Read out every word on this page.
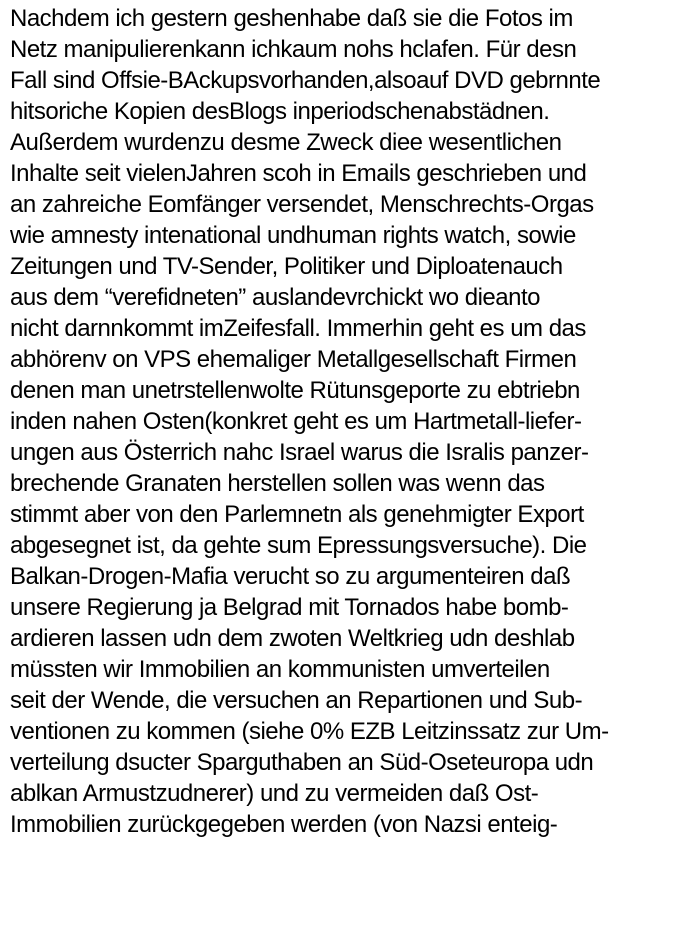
Nachdem ich gestern geshenhabe daß sie die Fotos im
Netz manipulierenkann ichkaum nohs hclafen. Für desn
Fall sind Offsie-BAckupsvorhanden,alsoauf DVD gebrnnte
hitsoriche Kopien desBlogs inperiodschenabstädnen.
Außerdem wurdenzu desme Zweck diee wesentlichen
Inhalte seit vielenJahren scoh in Emails geschrieben und
an zahreiche Eomfänger versendet, Menschrechts-Orgas
wie amnesty intenational undhuman rights watch, sowie
Zeitungen und TV-Sender, Politiker und Diploatenauch
aus dem “verefidneten” auslandevrchickt wo dieanto
nicht darnnkommt imZeifesfall. Immerhin geht es um das
abhörenv on VPS ehemaliger Metallgesellschaft Firmen
denen man unetrstellenwolte Rütunsgeporte zu ebtriebn
inden nahen Osten(konkret geht es um Hartmetall-liefer-
ungen aus Österrich nahc Israel warus die Isralis panzer-
brechende Granaten herstellen sollen was wenn das
stimmt aber von den Parlemnetn als genehmigter Export
abgesegnet ist, da gehte sum Epressungsversuche). Die
Balkan-Drogen-Mafia verucht so zu argumenteiren daß
unsere Regierung ja Belgrad mit Tornados habe bomb-
ardieren lassen udn dem zwoten Weltkrieg udn deshlab
müssten wir Immobilien an kommunisten umverteilen
seit der Wende, die versuchen an Repartionen und Sub-
ventionen zu kommen (siehe 0% EZB Leitzinssatz zur Um-
verteilung dsucter Sparguthaben an Süd-Oseteuropa udn
ablkan Armustzudnerer) und zu vermeiden daß Ost-
Immobilien zurückgegeben werden (von Nazsi enteig-
